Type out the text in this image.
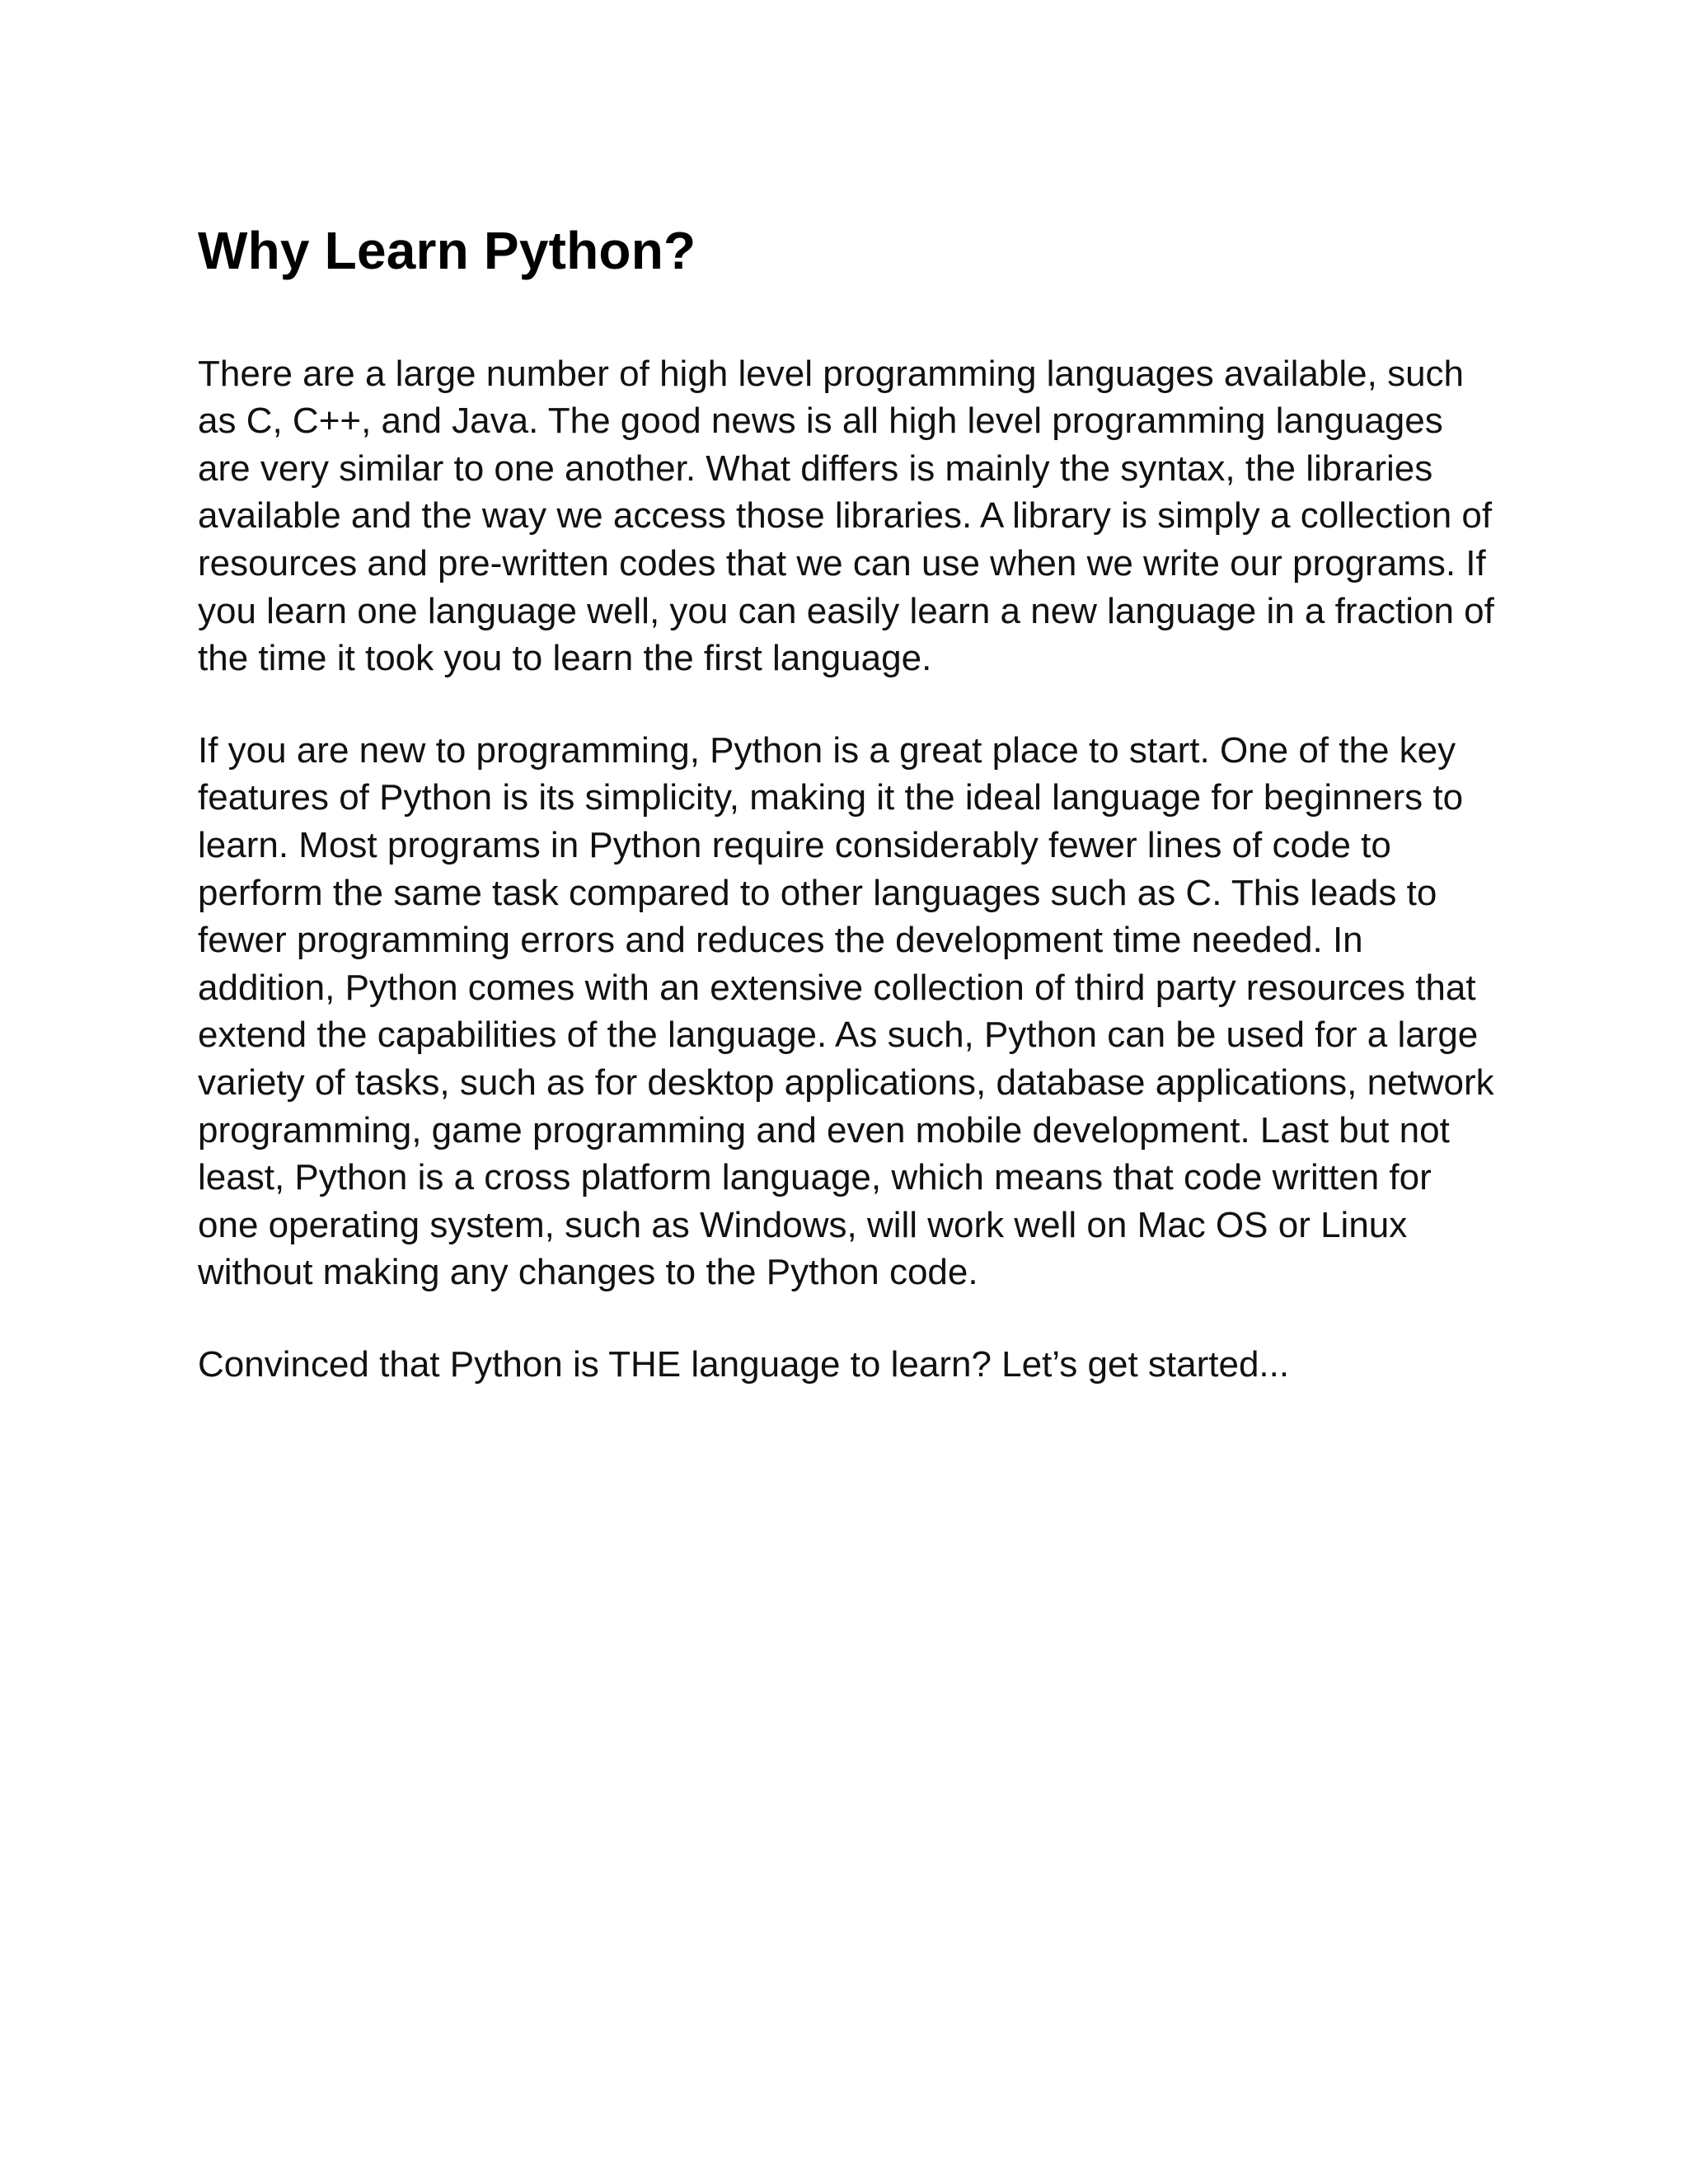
Why Learn Python?

There are a large number of high level programming languages available, such as C, C++, and Java. The good news is all high level programming languages are very similar to one another. What differs is mainly the syntax, the libraries available and the way we access those libraries. A library is simply a collection of resources and pre-written codes that we can use when we write our programs. If you learn one language well, you can easily learn a new language in a fraction of the time it took you to learn the first language.

If you are new to programming, Python is a great place to start. One of the key features of Python is its simplicity, making it the ideal language for beginners to learn. Most programs in Python require considerably fewer lines of code to perform the same task compared to other languages such as C. This leads to fewer programming errors and reduces the development time needed. In addition, Python comes with an extensive collection of third party resources that extend the capabilities of the language. As such, Python can be used for a large variety of tasks, such as for desktop applications, database applications, network programming, game programming and even mobile development. Last but not least, Python is a cross platform language, which means that code written for one operating system, such as Windows, will work well on Mac OS or Linux without making any changes to the Python code.

Convinced that Python is THE language to learn? Let’s get started...
